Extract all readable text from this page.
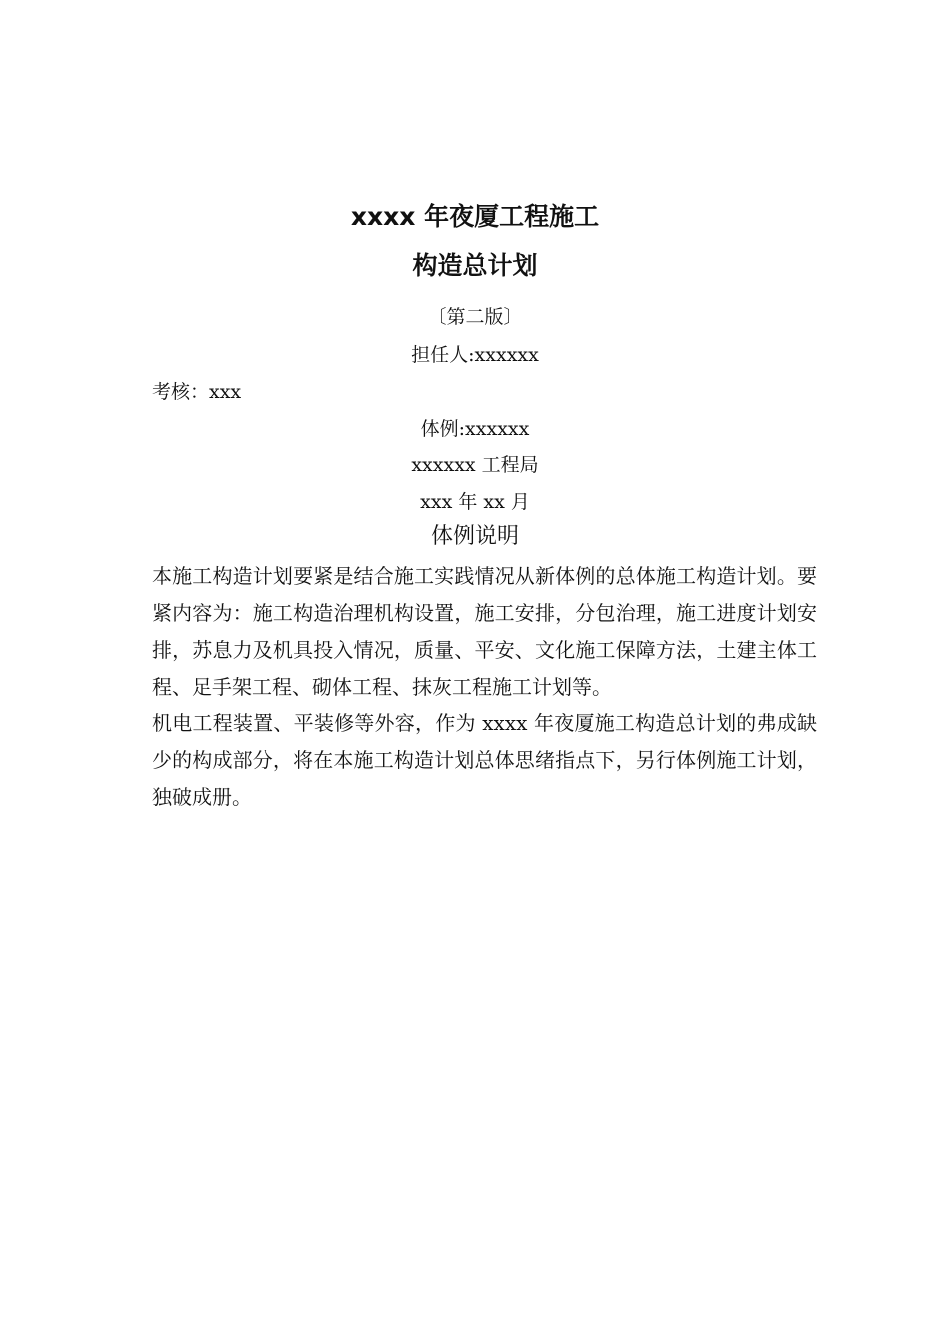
xxxx 年夜厦工程施工
构造总计划
〔第二版〕
担任人:xxxxxx
考核：xxx
体例:xxxxxx
xxxxxx 工程局
xxx 年 xx 月
体例说明

本施工构造计划要紧是结合施工实践情况从新体例的总体施工构造计划。要紧内容为：施工构造治理机构设置，施工安排，分包治理，施工进度计划安排，苏息力及机具投入情况，质量、平安、文化施工保障方法，土建主体工程、足手架工程、砌体工程、抹灰工程施工计划等。

机电工程装置、平装修等外容，作为 xxxx 年夜厦施工构造总计划的弗成缺少的构成部分，将在本施工构造计划总体思绪指点下，另行体例施工计划，独破成册。
